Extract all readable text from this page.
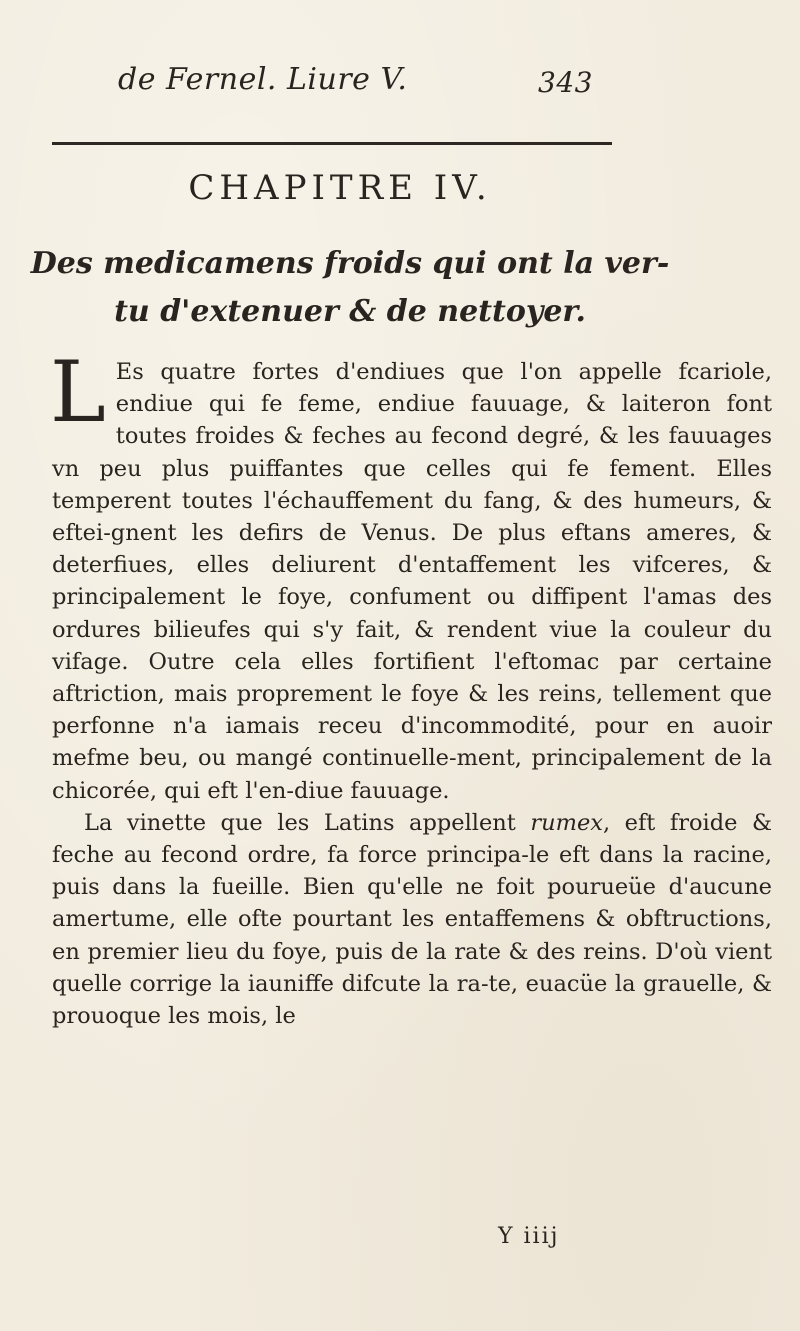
de Fernel. Liure V.	343
CHAPITRE IV.
Des medicamens froids qui ont la ver-
tu d'extenuer & de nettoyer.

L Es quatre fortes d'endiues que l'on appelle fcariole, endiue qui fe feme, endiue fauuage, & laiteron font toutes froides & feches au fecond degré, & les fauuages vn peu plus puiffantes que celles qui fe fement. Elles temperent toutes l'échauffement du fang, & des humeurs, & eftei-gnent les defirs de Venus. De plus eftans ameres, & deterfiues, elles deliurent d'entaffement les vifceres, & principalement le foye, confument ou diffipent l'amas des ordures bilieufes qui s'y fait, & rendent viue la couleur du vifage. Outre cela elles fortifient l'eftomac par certaine aftriction, mais proprement le foye & les reins, tellement que perfonne n'a iamais receu d'incommodité, pour en auoir mefme beu, ou mangé continuelle-ment, principalement de la chicorée, qui eft l'en-diue fauuage.

La vinette que les Latins appellent rumex, eft froide & feche au fecond ordre, fa force principa-le eft dans la racine, puis dans la fueille. Bien qu'elle ne foit pourueüe d'aucune amertume, elle ofte pourtant les entaffemens & obftructions, en premier lieu du foye, puis de la rate & des reins. D'où vient quelle corrige la iauniffe difcute la ra-te, euacüe la grauelle, & prouoque les mois, le

Y iiij
